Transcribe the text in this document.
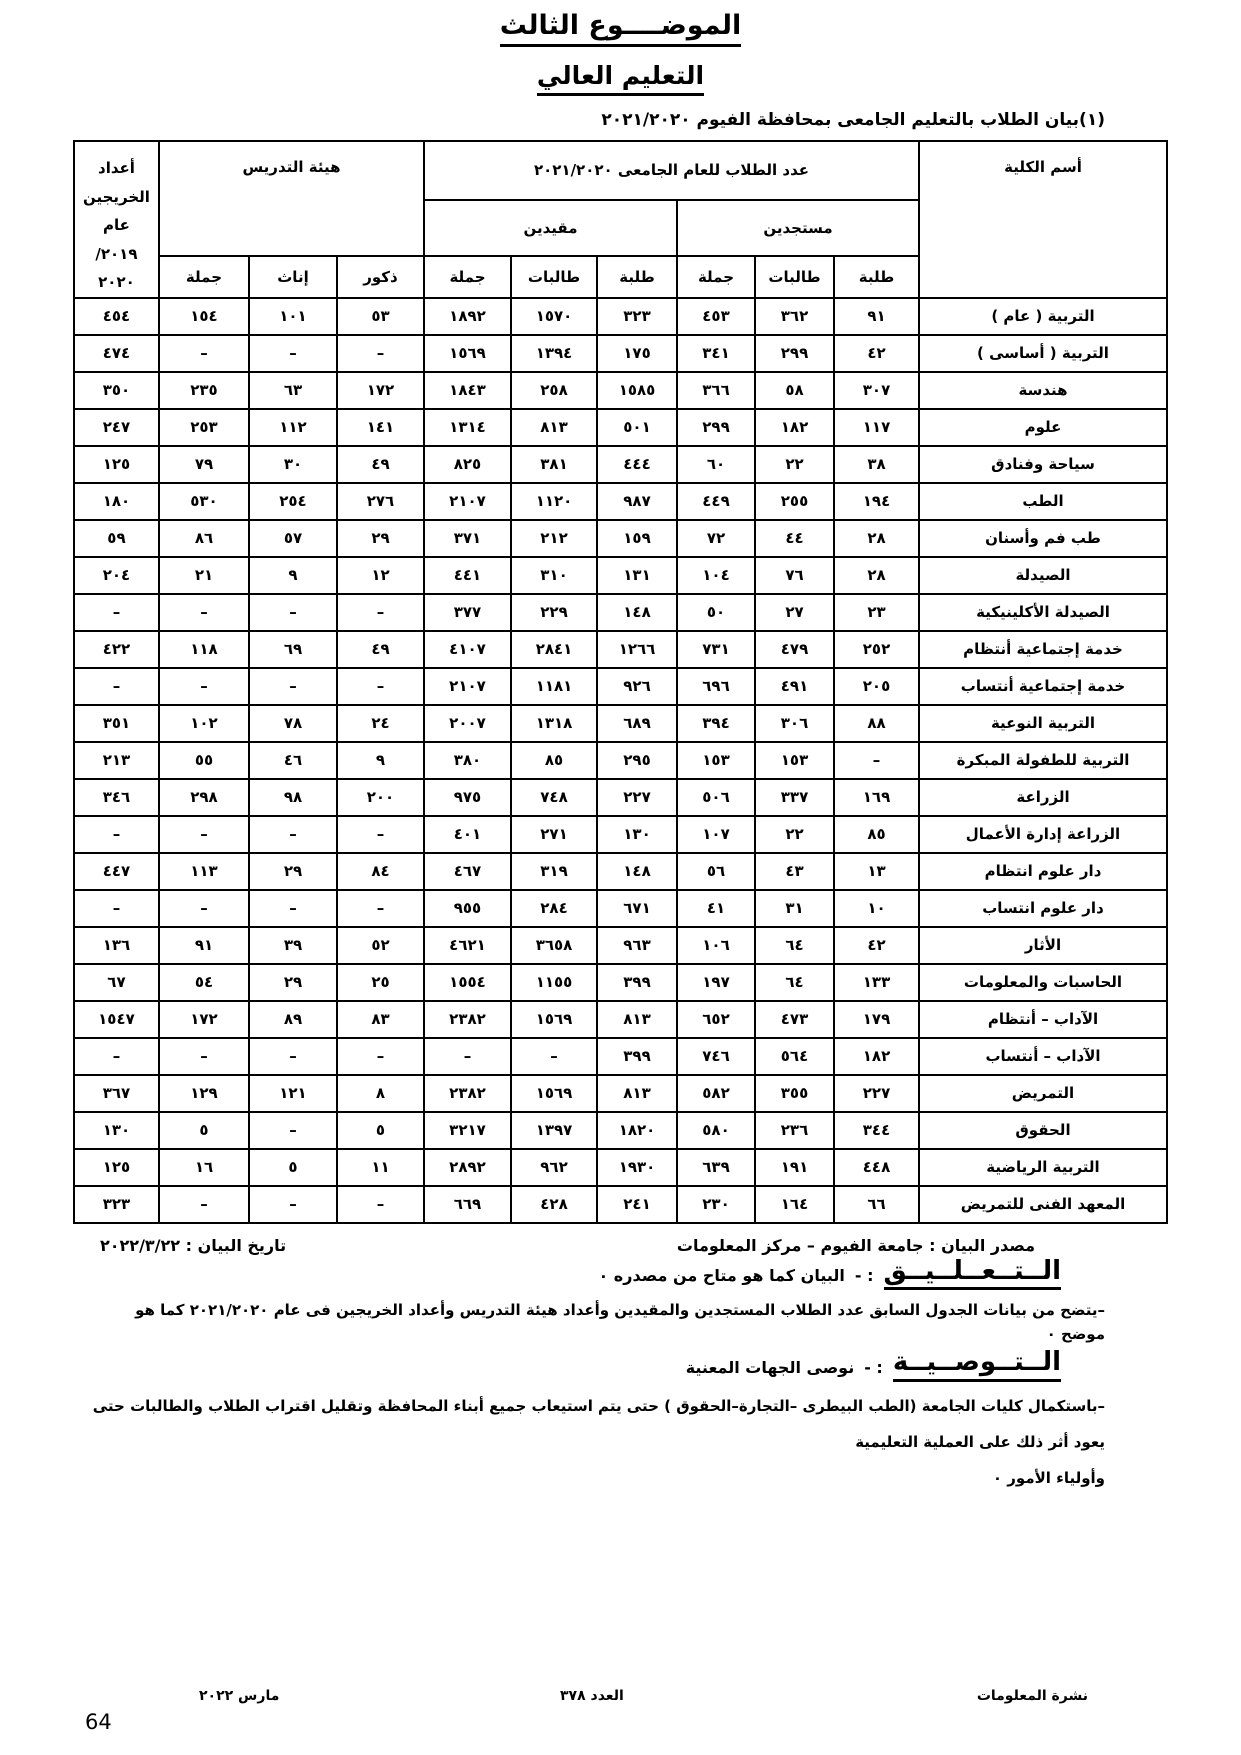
الموضــــوع الثالث
التعليم العالي
(١)بيان الطلاب بالتعليم الجامعى بمحافظة الفيوم ٢٠٢١/٢٠٢٠
أسم الكلية	عدد الطلاب للعام الجامعى ٢٠٢١/٢٠٢٠						هيئة التدريس			أعداد
الخريجين
عام
٢٠١٩/
٢٠٢٠

	مستجدين			مقيدين						
	طلبة	طالبات	جملة	طلبة	طالبات	جملة	ذكور	إناث	جملة	
التربية ( عام )	٩١	٣٦٢	٤٥٣	٣٢٣	١٥٧٠	١٨٩٢	٥٣	١٠١	١٥٤	٤٥٤
التربية ( أساسى )	٤٢	٢٩٩	٣٤١	١٧٥	١٣٩٤	١٥٦٩	–	–	–	٤٧٤
هندسة	٣٠٧	٥٨	٣٦٦	١٥٨٥	٢٥٨	١٨٤٣	١٧٢	٦٣	٢٣٥	٣٥٠
علوم	١١٧	١٨٢	٢٩٩	٥٠١	٨١٣	١٣١٤	١٤١	١١٢	٢٥٣	٢٤٧
سياحة وفنادق	٣٨	٢٢	٦٠	٤٤٤	٣٨١	٨٢٥	٤٩	٣٠	٧٩	١٢٥
الطب	١٩٤	٢٥٥	٤٤٩	٩٨٧	١١٢٠	٢١٠٧	٢٧٦	٢٥٤	٥٣٠	١٨٠
طب فم وأسنان	٢٨	٤٤	٧٢	١٥٩	٢١٢	٣٧١	٢٩	٥٧	٨٦	٥٩
الصيدلة	٢٨	٧٦	١٠٤	١٣١	٣١٠	٤٤١	١٢	٩	٢١	٢٠٤
الصيدلة الأكلينيكية	٢٣	٢٧	٥٠	١٤٨	٢٢٩	٣٧٧	–	–	–	–
خدمة إجتماعية أنتظام	٢٥٢	٤٧٩	٧٣١	١٢٦٦	٢٨٤١	٤١٠٧	٤٩	٦٩	١١٨	٤٢٢
خدمة إجتماعية أنتساب	٢٠٥	٤٩١	٦٩٦	٩٢٦	١١٨١	٢١٠٧	–	–	–	–
التربية النوعية	٨٨	٣٠٦	٣٩٤	٦٨٩	١٣١٨	٢٠٠٧	٢٤	٧٨	١٠٢	٣٥١
التربية للطفولة المبكرة	–	١٥٣	١٥٣	٢٩٥	٨٥	٣٨٠	٩	٤٦	٥٥	٢١٣
الزراعة	١٦٩	٣٣٧	٥٠٦	٢٢٧	٧٤٨	٩٧٥	٢٠٠	٩٨	٢٩٨	٣٤٦
الزراعة إدارة الأعمال	٨٥	٢٢	١٠٧	١٣٠	٢٧١	٤٠١	–	–	–	–
دار علوم انتظام	١٣	٤٣	٥٦	١٤٨	٣١٩	٤٦٧	٨٤	٢٩	١١٣	٤٤٧
دار علوم انتساب	١٠	٣١	٤١	٦٧١	٢٨٤	٩٥٥	–	–	–	–
الأثار	٤٢	٦٤	١٠٦	٩٦٣	٣٦٥٨	٤٦٢١	٥٢	٣٩	٩١	١٣٦
الحاسبات والمعلومات	١٣٣	٦٤	١٩٧	٣٩٩	١١٥٥	١٥٥٤	٢٥	٢٩	٥٤	٦٧
الآداب – أنتظام	١٧٩	٤٧٣	٦٥٢	٨١٣	١٥٦٩	٢٣٨٢	٨٣	٨٩	١٧٢	١٥٤٧
الآداب – أنتساب	١٨٢	٥٦٤	٧٤٦	٣٩٩	–	–	–	–	–	–
التمريض	٢٢٧	٣٥٥	٥٨٢	٨١٣	١٥٦٩	٢٣٨٢	٨	١٢١	١٢٩	٣٦٧
الحقوق	٣٤٤	٢٣٦	٥٨٠	١٨٢٠	١٣٩٧	٣٢١٧	٥	–	٥	١٣٠
التربية الرياضية	٤٤٨	١٩١	٦٣٩	١٩٣٠	٩٦٢	٢٨٩٢	١١	٥	١٦	١٢٥
المعهد الفنى للتمريض	٦٦	١٦٤	٢٣٠	٢٤١	٤٢٨	٦٦٩	–	–	–	٣٢٣
مصدر البيان : جامعة الفيوم – مركز المعلومات
تاريخ البيان : ٢٠٢٢/٣/٢٢
الــتــعــلــيــق
: -
البيان كما هو متاح من مصدره ٠
–يتضح من بيانات الجدول السابق عدد الطلاب المستجدين والمقيدين وأعداد هيئة التدريس وأعداد الخريجين فى عام ٢٠٢١/٢٠٢٠ كما هو موضح ٠
الــتــوصــيــة
: -
نوصى الجهات المعنية
–باستكمال كليات الجامعة (الطب البيطرى –التجارة–الحقوق ) حتى يتم استيعاب جميع أبناء المحافظة وتقليل اقتراب الطلاب والطالبات حتى يعود أثر ذلك على العملية التعليمية
وأولياء الأمور ٠
نشرة المعلومات
العدد ٣٧٨
مارس ٢٠٢٢
64
